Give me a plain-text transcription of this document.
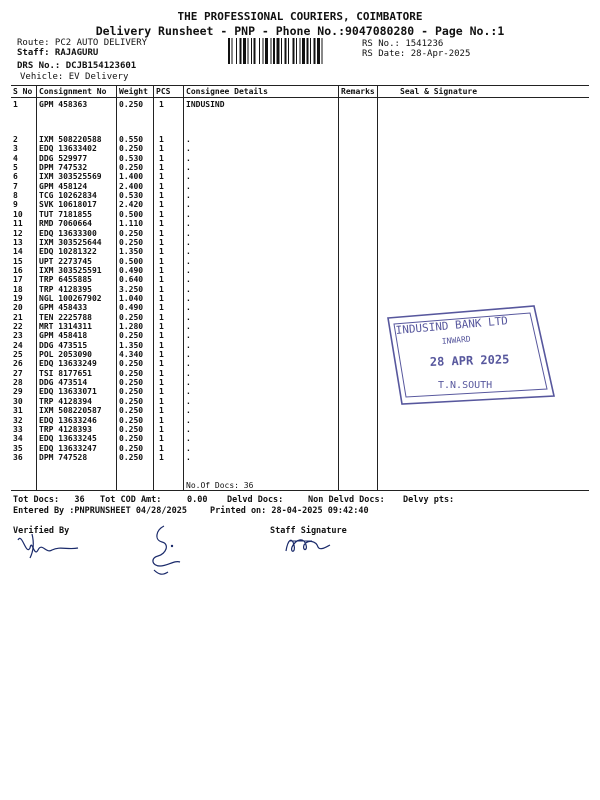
THE PROFESSIONAL COURIERS, COIMBATORE
Delivery Runsheet - PNP - Phone No.:9047080280 - Page No.:1
Route: PC2 AUTO DELIVERY
Staff: RAJAGURU
DRS No.: DCJB154123601
Vehicle: EV Delivery
RS No.: 1541236
RS Date: 28-Apr-2025
S No Consignment No Weight PCS Consignee Details	Remarks	Seal & Signature
1	GPM 458363	0.250 1	INDUSIND
2	IXM 508220588 0.550 1	.
3	EDQ 13633402	0.250 1	.
4	DDG 529977	0.530 1	.
5	DPM 747532	0.250 1	.
6	IXM 303525569 1.400 1	.
7	GPM 458124	2.400 1	.
8	TCG 10262834	0.530 1	.
9	SVK 10618017	2.420 1	.
10 TUT 7181855	0.500 1	.
11 RMD 7060664	1.110 1	.
12 EDQ 13633300	0.250 1	.
13 IXM 303525644 0.250 1	.
14 EDQ 10281322	1.350 1	.
15 UPT 2273745	0.500 1	.
16 IXM 303525591 0.490 1	.
17 TRP 6455885	0.640 1	.
18 TRP 4128395	3.250 1	.
19 NGL 100267902 1.040 1	.
20 GPM 458433	0.490 1	.
21 TEN 2225788	0.250 1	.
22 MRT 1314311	1.280 1	.
23 GPM 458418	0.250 1	.
24 DDG 473515	1.350 1	.
25 POL 2053090	4.340 1	.
26 EDQ 13633249	0.250 1	.
27 TSI 8177651	0.250 1	.
28 DDG 473514	0.250 1	.
29 EDQ 13633071	0.250 1	.
30 TRP 4128394	0.250 1	.
31 IXM 508220587 0.250 1	.
32 EDQ 13633246	0.250 1	.
33 TRP 4128393	0.250 1	.
34 EDQ 13633245	0.250 1	.
35 EDQ 13633247	0.250 1	.
36 DPM 747528	0.250 1	.
No.Of Docs: 36
Tot Docs:   36 Tot COD Amt:     0.00 Delvd Docs:	Non Delvd Docs: Delvy pts:
Entered By :PNPRUNSHEET 04/28/2025	Printed on: 28-04-2025 09:42:40
Verified By	Staff Signature
INDUSIND BANK LTD
INWARD
28 APR 2025
T.N.SOUTH
